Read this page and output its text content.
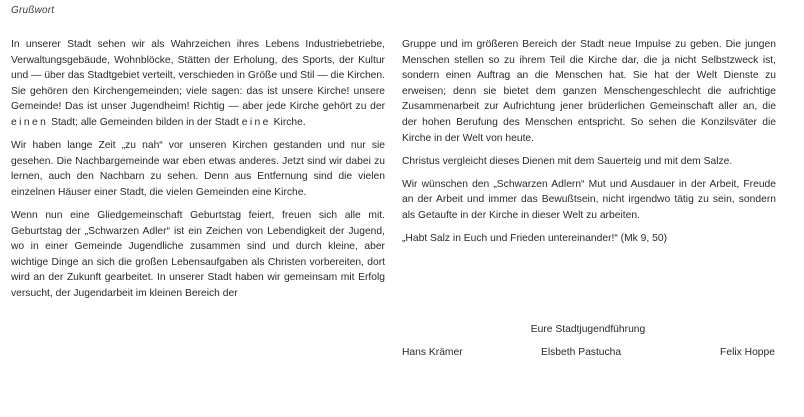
Grußwort

In unserer Stadt sehen wir als Wahrzeichen ihres Lebens Industriebetriebe, Verwaltungsgebäude, Wohnblöcke, Stätten der Erholung, des Sports, der Kultur und — über das Stadtgebiet verteilt, verschieden in Größe und Stil — die Kirchen. Sie gehören den Kirchengemeinden; viele sagen: das ist unsere Kirche! unsere Gemeinde! Das ist unser Jugendheim! Richtig — aber jede Kirche gehört zu der einen Stadt; alle Gemeinden bilden in der Stadt eine Kirche.

Wir haben lange Zeit „zu nah“ vor unseren Kirchen gestanden und nur sie gesehen. Die Nachbargemeinde war eben etwas anderes. Jetzt sind wir dabei zu lernen, auch den Nachbarn zu sehen. Denn aus Entfernung sind die vielen einzelnen Häuser einer Stadt, die vielen Gemeinden eine Kirche.

Wenn nun eine Gliedgemeinschaft Geburtstag feiert, freuen sich alle mit. Geburtstag der „Schwarzen Adler“ ist ein Zeichen von Lebendigkeit der Jugend, wo in einer Gemeinde Jugendliche zusammen sind und durch kleine, aber wichtige Dinge an sich die großen Lebensaufgaben als Christen vorbereiten, dort wird an der Zukunft gearbeitet. In unserer Stadt haben wir gemeinsam mit Erfolg versucht, der Jugendarbeit im kleinen Bereich der

Gruppe und im größeren Bereich der Stadt neue Impulse zu geben. Die jungen Menschen stellen so zu ihrem Teil die Kirche dar, die ja nicht Selbstzweck ist, sondern einen Auftrag an die Menschen hat. Sie hat der Welt Dienste zu erweisen; denn sie bietet dem ganzen Menschengeschlecht die aufrichtige Zusammenarbeit zur Aufrichtung jener brüderlichen Gemeinschaft aller an, die der hohen Berufung des Menschen entspricht. So sehen die Konzilsväter die Kirche in der Welt von heute.

Christus vergleicht dieses Dienen mit dem Sauerteig und mit dem Salze.

Wir wünschen den „Schwarzen Adlern“ Mut und Ausdauer in der Arbeit, Freude an der Arbeit und immer das Bewußtsein, nicht irgendwo tätig zu sein, sondern als Getaufte in der Kirche in dieser Welt zu arbeiten.

„Habt Salz in Euch und Frieden untereinander!“ (Mk 9, 50)

Eure Stadtjugendführung
Hans Krämer	Elsbeth Pastucha	Felix Hoppe
